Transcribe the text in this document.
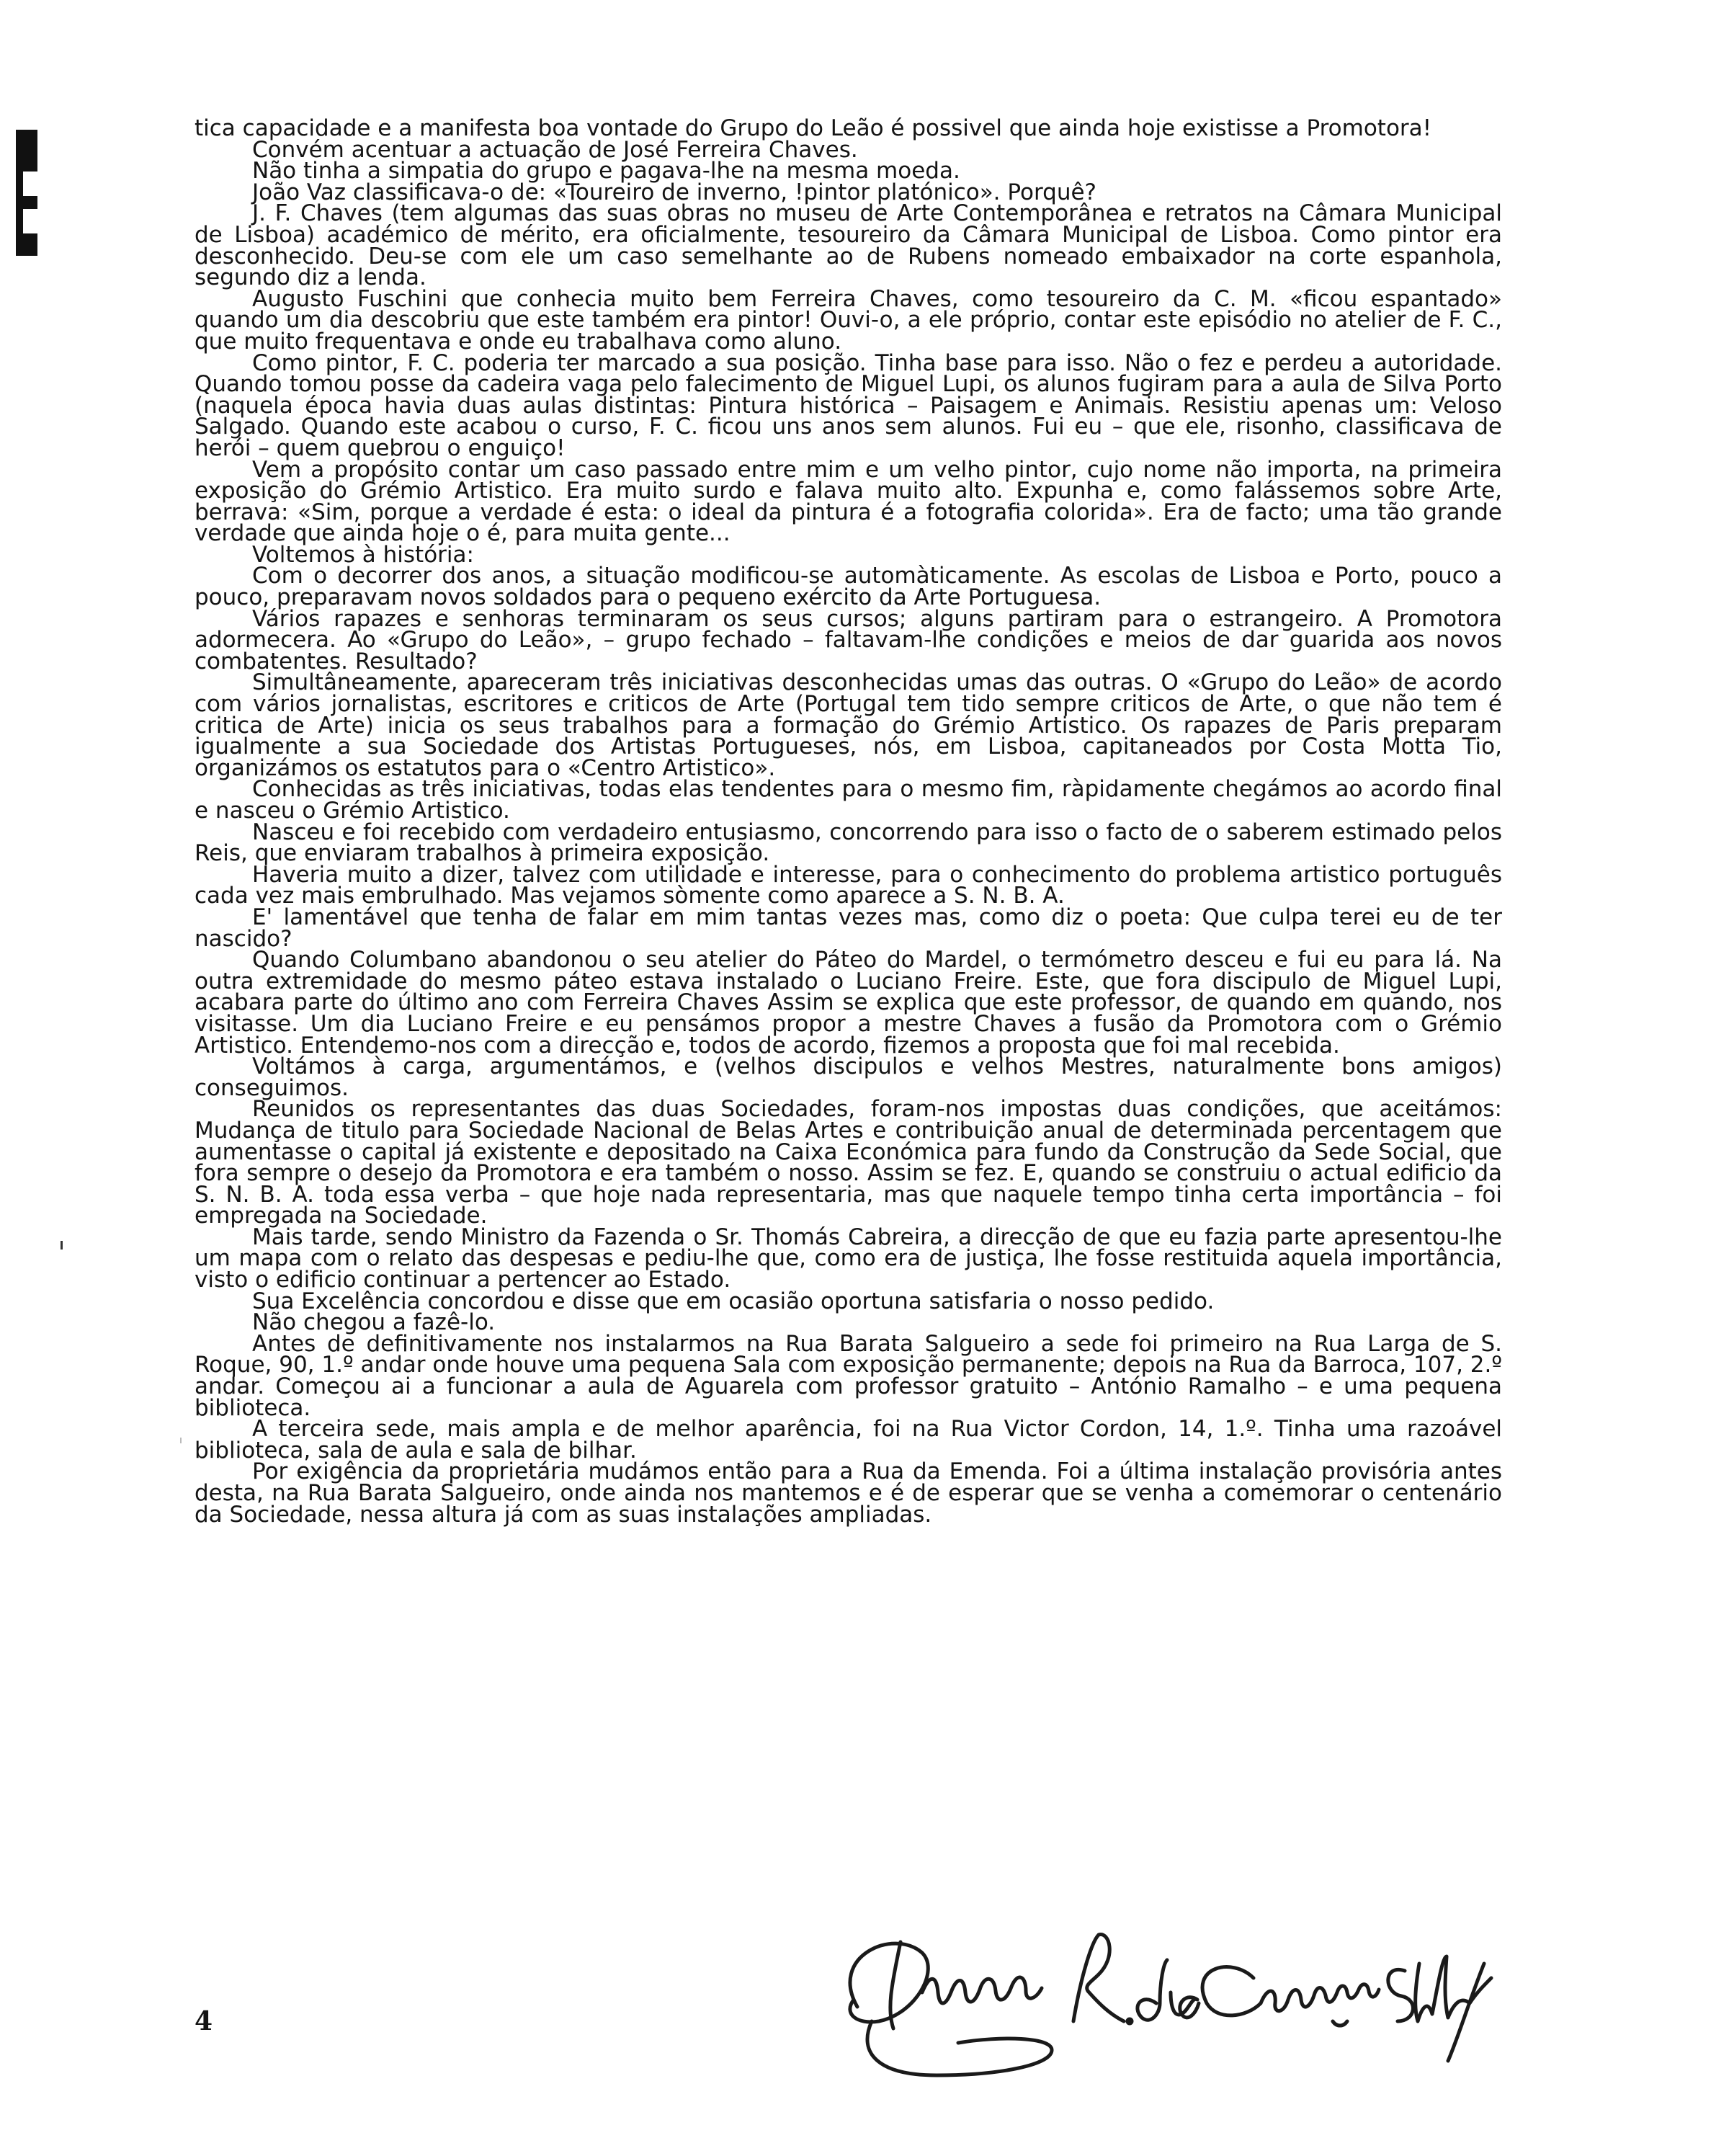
tica capacidade e a manifesta boa vontade do Grupo do Leão é possivel que ainda hoje existisse a Promotora!

Convém acentuar a actuação de José Ferreira Chaves.

Não tinha a simpatia do grupo e pagava-lhe na mesma moeda.

João Vaz classificava-o de: «Toureiro de inverno, !pintor platónico». Porquê?

J. F. Chaves (tem algumas das suas obras no museu de Arte Contemporânea e retratos na Câmara Municipal de Lisboa) académico de mérito, era oficialmente, tesoureiro da Câmara Municipal de Lisboa. Como pintor era desconhecido. Deu-se com ele um caso semelhante ao de Rubens nomeado embaixador na corte espanhola, segundo diz a lenda.

Augusto Fuschini que conhecia muito bem Ferreira Chaves, como tesoureiro da C. M. «ficou espantado» quando um dia descobriu que este também era pintor! Ouvi-o, a ele próprio, contar este episódio no atelier de F. C., que muito frequentava e onde eu trabalhava como aluno.

Como pintor, F. C. poderia ter marcado a sua posição. Tinha base para isso. Não o fez e perdeu a autoridade. Quando tomou posse da cadeira vaga pelo falecimento de Miguel Lupi, os alunos fugiram para a aula de Silva Porto (naquela época havia duas aulas distintas: Pintura histórica – Paisagem e Animais. Resistiu apenas um: Veloso Salgado. Quando este acabou o curso, F. C. ficou uns anos sem alunos. Fui eu – que ele, risonho, classificava de herói – quem quebrou o enguiço!

Vem a propósito contar um caso passado entre mim e um velho pintor, cujo nome não importa, na primeira exposição do Grémio Artistico. Era muito surdo e falava muito alto. Expunha e, como falássemos sobre Arte, berrava: «Sim, porque a verdade é esta: o ideal da pintura é a fotografia colorida». Era de facto; uma tão grande verdade que ainda hoje o é, para muita gente...

Voltemos à história:

Com o decorrer dos anos, a situação modificou-se automàticamente. As escolas de Lisboa e Porto, pouco a pouco, preparavam novos soldados para o pequeno exército da Arte Portuguesa.

Vários rapazes e senhoras terminaram os seus cursos; alguns partiram para o estrangeiro. A Promotora adormecera. Ao «Grupo do Leão», – grupo fechado – faltavam-lhe condições e meios de dar guarida aos novos combatentes. Resultado?

Simultâneamente, apareceram três iniciativas desconhecidas umas das outras. O «Grupo do Leão» de acordo com vários jornalistas, escritores e criticos de Arte (Portugal tem tido sempre criticos de Arte, o que não tem é critica de Arte) inicia os seus trabalhos para a formação do Grémio Artistico. Os rapazes de Paris preparam igualmente a sua Sociedade dos Artistas Portugueses, nós, em Lisboa, capitaneados por Costa Motta Tio, organizámos os estatutos para o «Centro Artistico».

Conhecidas as três iniciativas, todas elas tendentes para o mesmo fim, ràpidamente chegámos ao acordo final e nasceu o Grémio Artistico.

Nasceu e foi recebido com verdadeiro entusiasmo, concorrendo para isso o facto de o saberem estimado pelos Reis, que enviaram trabalhos à primeira exposição.

Haveria muito a dizer, talvez com utilidade e interesse, para o conhecimento do problema artistico português cada vez mais embrulhado. Mas vejamos sòmente como aparece a S. N. B. A.

E' lamentável que tenha de falar em mim tantas vezes mas, como diz o poeta: Que culpa terei eu de ter nascido?

Quando Columbano abandonou o seu atelier do Páteo do Mardel, o termómetro desceu e fui eu para lá. Na outra extremidade do mesmo páteo estava instalado o Luciano Freire. Este, que fora discipulo de Miguel Lupi, acabara parte do último ano com Ferreira Chaves Assim se explica que este professor, de quando em quando, nos visitasse. Um dia Luciano Freire e eu pensámos propor a mestre Chaves a fusão da Promotora com o Grémio Artistico. Entendemo-nos com a direcção e, todos de acordo, fizemos a proposta que foi mal recebida.

Voltámos à carga, argumentámos, e (velhos discipulos e velhos Mestres, naturalmente bons amigos) conseguimos.

Reunidos os representantes das duas Sociedades, foram-nos impostas duas condições, que aceitámos: Mudança de titulo para Sociedade Nacional de Belas Artes e contribuição anual de determinada percentagem que aumentasse o capital já existente e depositado na Caixa Económica para fundo da Construção da Sede Social, que fora sempre o desejo da Promotora e era também o nosso. Assim se fez. E, quando se construiu o actual edificio da S. N. B. A. toda essa verba – que hoje nada representaria, mas que naquele tempo tinha certa importância – foi empregada na Sociedade.

Mais tarde, sendo Ministro da Fazenda o Sr. Thomás Cabreira, a direcção de que eu fazia parte apresentou-lhe um mapa com o relato das despesas e pediu-lhe que, como era de justiça, lhe fosse restituida aquela importância, visto o edificio continuar a pertencer ao Estado.

Sua Excelência concordou e disse que em ocasião oportuna satisfaria o nosso pedido.

Não chegou a fazê-lo.

Antes de definitivamente nos instalarmos na Rua Barata Salgueiro a sede foi primeiro na Rua Larga de S. Roque, 90, 1.º andar onde houve uma pequena Sala com exposição permanente; depois na Rua da Barroca, 107, 2.º andar. Começou ai a funcionar a aula de Aguarela com professor gratuito – António Ramalho – e uma pequena biblioteca.

A terceira sede, mais ampla e de melhor aparência, foi na Rua Victor Cordon, 14, 1.º. Tinha uma razoável biblioteca, sala de aula e sala de bilhar.

Por exigência da proprietária mudámos então para a Rua da Emenda. Foi a última instalação provisória antes desta, na Rua Barata Salgueiro, onde ainda nos mantemos e é de esperar que se venha a comemorar o centenário da Sociedade, nessa altura já com as suas instalações ampliadas.

4
